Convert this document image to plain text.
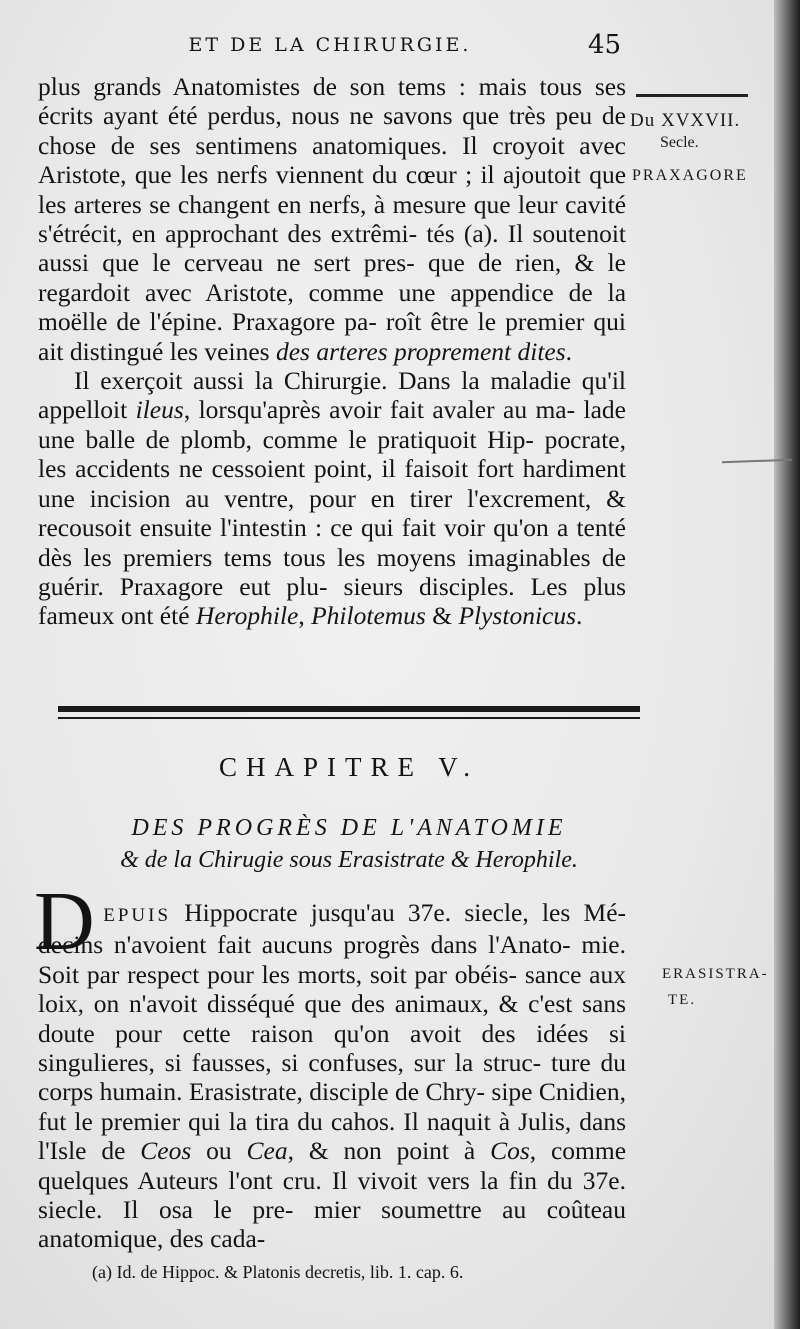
ET DE LA CHIRURGIE.	45
Du XVXVII.
Secle.
PRAXAGORE

plus grands Anatomistes de son tems : mais tous ses écrits ayant été perdus, nous ne savons que très peu de chose de ses sentimens anatomiques. Il croyoit avec Aristote, que les nerfs viennent du cœur ; il ajoutoit que les arteres se changent en nerfs, à mesure que leur cavité s'étrécit, en approchant des extrêmi- tés (a). Il soutenoit aussi que le cerveau ne sert pres- que de rien, & le regardoit avec Aristote, comme une appendice de la moëlle de l'épine. Praxagore pa- roît être le premier qui ait distingué les veines des arteres proprement dites.

Il exerçoit aussi la Chirurgie. Dans la maladie qu'il appelloit ileus, lorsqu'après avoir fait avaler au ma- lade une balle de plomb, comme le pratiquoit Hip- pocrate, les accidents ne cessoient point, il faisoit fort hardiment une incision au ventre, pour en tirer l'excrement, & recousoit ensuite l'intestin : ce qui fait voir qu'on a tenté dès les premiers tems tous les moyens imaginables de guérir. Praxagore eut plu- sieurs disciples. Les plus fameux ont été Herophile, Philotemus & Plystonicus.

CHAPITRE V.
DES PROGRÈS DE L'ANATOMIE
& de la Chirugie sous Erasistrate & Herophile.
D EPUIS Hippocrate jusqu'au 37e. siecle, les Mé- decins n'avoient fait aucuns progrès dans l'Anato- mie. Soit par respect pour les morts, soit par obéis- sance aux loix, on n'avoit disséqué que des animaux, & c'est sans doute pour cette raison qu'on avoit des idées si singulieres, si fausses, si confuses, sur la struc- ture du corps humain. Erasistrate, disciple de Chry- sipe Cnidien, fut le premier qui la tira du cahos. Il naquit à Julis, dans l'Isle de Ceos ou Cea, & non point à Cos, comme quelques Auteurs l'ont cru. Il vivoit vers la fin du 37e. siecle. Il osa le pre- mier soumettre au coûteau anatomique, des cada-

ERASISTRA-
TE.
(a) Id. de Hippoc. & Platonis decretis, lib. 1. cap. 6.
